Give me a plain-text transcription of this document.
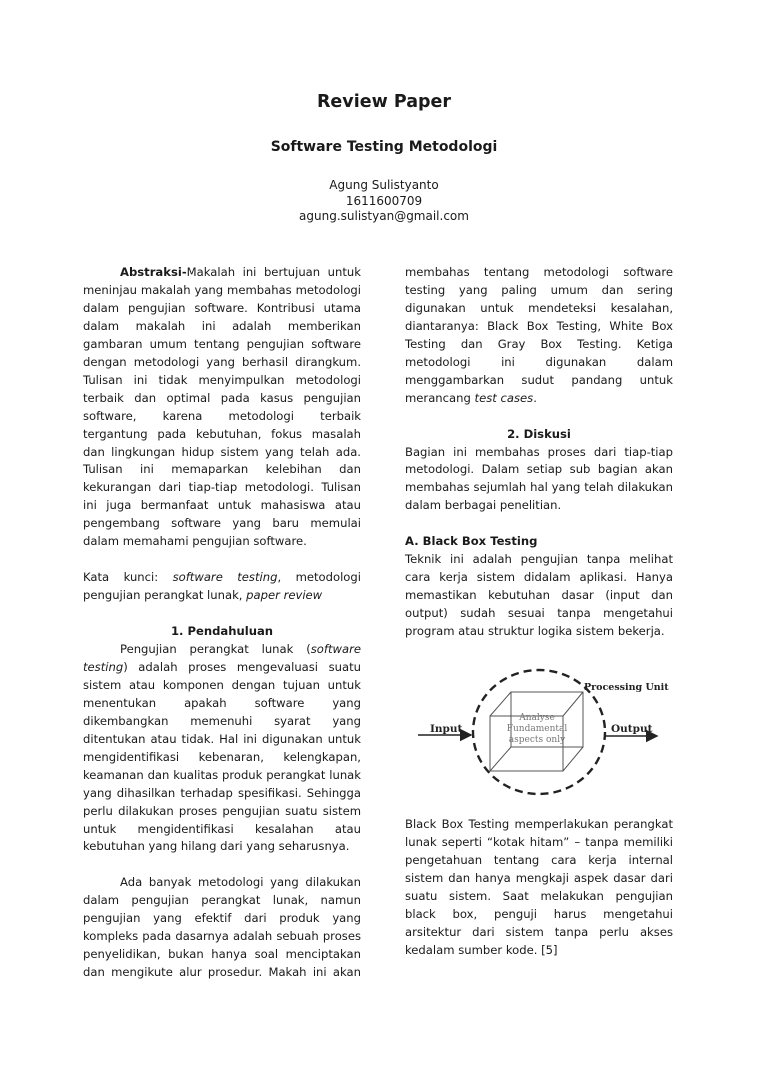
Review Paper
Software Testing Metodologi
Agung Sulistyanto
1611600709
agung.sulistyan@gmail.com

Abstraksi-Makalah ini bertujuan untuk meninjau makalah yang membahas metodologi dalam pengujian software. Kontribusi utama dalam makalah ini adalah memberikan gambaran umum tentang pengujian software dengan metodologi yang berhasil dirangkum. Tulisan ini tidak menyimpulkan metodologi terbaik dan optimal pada kasus pengujian software, karena metodologi terbaik tergantung pada kebutuhan, fokus masalah dan lingkungan hidup sistem yang telah ada. Tulisan ini memaparkan kelebihan dan kekurangan dari tiap-tiap metodologi. Tulisan ini juga bermanfaat untuk mahasiswa atau pengembang software yang baru memulai dalam memahami pengujian software.

Kata kunci: software testing, metodologi pengujian perangkat lunak, paper review

1. Pendahuluan

Pengujian perangkat lunak (software testing) adalah proses mengevaluasi suatu sistem atau komponen dengan tujuan untuk menentukan apakah software yang dikembangkan memenuhi syarat yang ditentukan atau tidak. Hal ini digunakan untuk mengidentifikasi kebenaran, kelengkapan, keamanan dan kualitas produk perangkat lunak yang dihasilkan terhadap spesifikasi. Sehingga perlu dilakukan proses pengujian suatu sistem untuk mengidentifikasi kesalahan atau kebutuhan yang hilang dari yang seharusnya.

Ada banyak metodologi yang dilakukan dalam pengujian perangkat lunak, namun pengujian yang efektif dari produk yang kompleks pada dasarnya adalah sebuah proses penyelidikan, bukan hanya soal menciptakan dan mengikute alur prosedur. Makah ini akan

membahas tentang metodologi software testing yang paling umum dan sering digunakan untuk mendeteksi kesalahan, diantaranya: Black Box Testing, White Box Testing dan Gray Box Testing. Ketiga metodologi ini digunakan dalam menggambarkan sudut pandang untuk merancang test cases.

2. Diskusi

Bagian ini membahas proses dari tiap-tiap metodologi. Dalam setiap sub bagian akan membahas sejumlah hal yang telah dilakukan dalam berbagai penelitian.

A. Black Box Testing

Teknik ini adalah pengujian tanpa melihat cara kerja sistem didalam aplikasi. Hanya memastikan kebutuhan dasar (input dan output) sudah sesuai tanpa mengetahui program atau struktur logika sistem bekerja.

Analyse
Fundamental
aspects only
Input	Output
Processing Unit

Black Box Testing memperlakukan perangkat lunak seperti “kotak hitam” – tanpa memiliki pengetahuan tentang cara kerja internal sistem dan hanya mengkaji aspek dasar dari suatu sistem. Saat melakukan pengujian black box, penguji harus mengetahui arsitektur dari sistem tanpa perlu akses kedalam sumber kode. [5]
